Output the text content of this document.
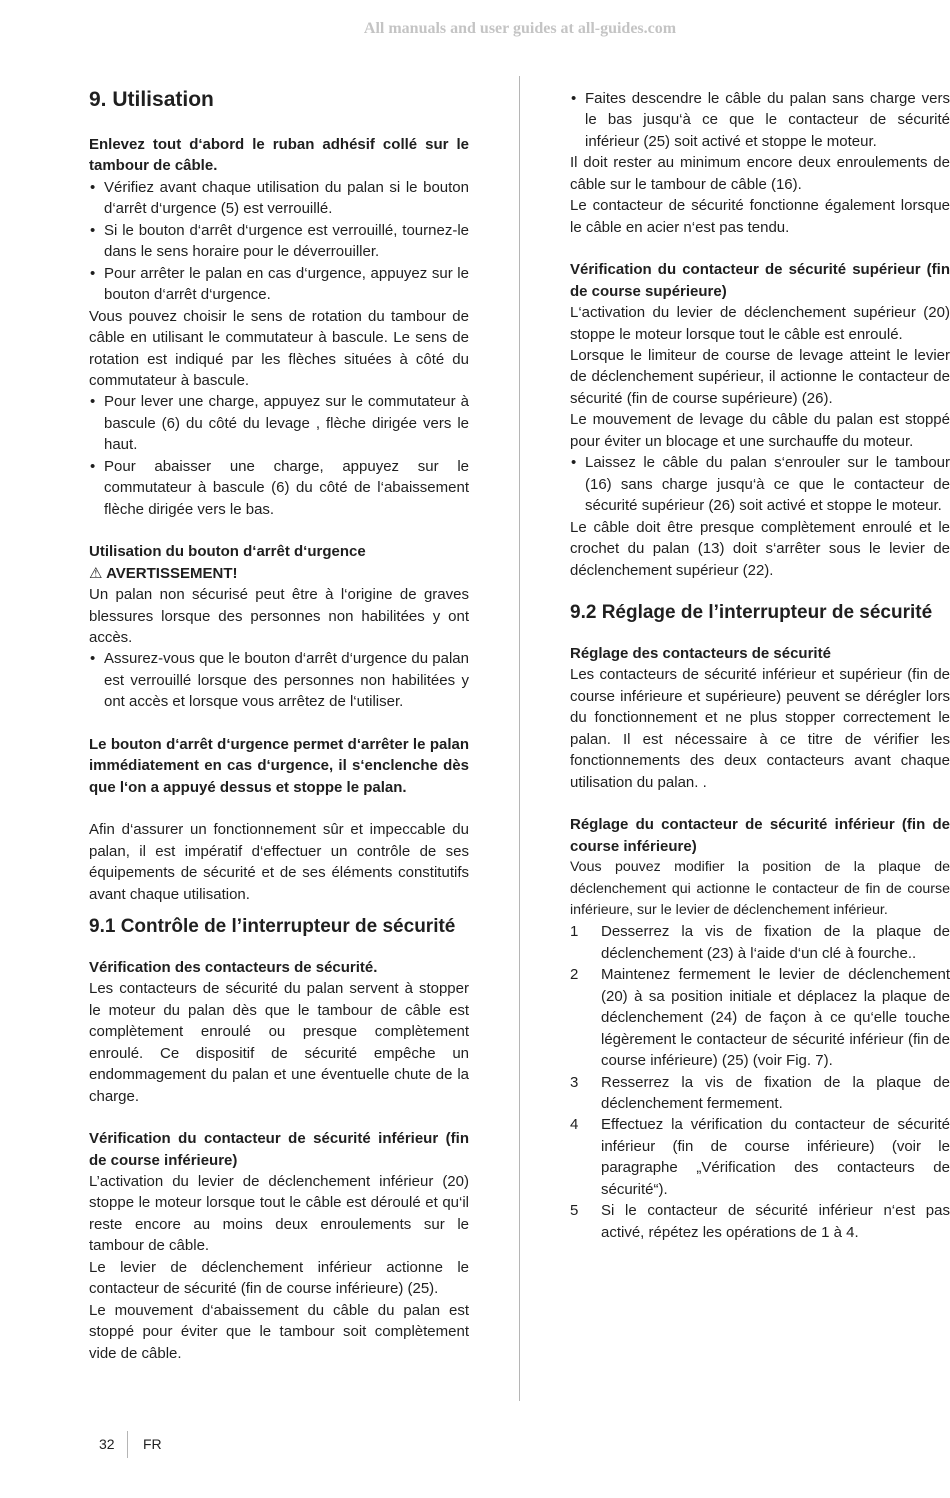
All manuals and user guides at all-guides.com

9. Utilisation

Enlevez tout d‘abord le ruban adhésif collé sur le tambour de câble.

• Vérifiez avant chaque utilisation du palan si le bouton d‘arrêt d‘urgence (5) est verrouillé.
• Si le bouton d‘arrêt d‘urgence est verrouillé, tournez-le dans le sens horaire pour le déverrouiller.
• Pour arrêter le palan en cas d‘urgence, appuyez sur le bouton d‘arrêt d‘urgence.

Vous pouvez choisir le sens de rotation du tambour de câble en utilisant le commutateur à bascule. Le sens de rotation est indiqué par les flèches situées à côté du commutateur à bascule.

• Pour lever une charge, appuyez sur le commutateur à bascule (6) du côté du levage , flèche dirigée vers le haut.
• Pour abaisser une charge, appuyez sur le commutateur à bascule (6) du côté de l‘abaissement flèche dirigée vers le bas.

Utilisation du bouton d‘arrêt d‘urgence

⚠ AVERTISSEMENT!

Un palan non sécurisé peut être à l‘origine de graves blessures lorsque des personnes non habilitées y ont accès.

• Assurez-vous que le bouton d‘arrêt d‘urgence du palan est verrouillé lorsque des personnes non habilitées y ont accès et lorsque vous arrêtez de l‘utiliser.

Le bouton d‘arrêt d‘urgence permet d‘arrêter le palan immédiatement en cas d‘urgence, il s‘enclenche dès que l‘on a appuyé dessus et stoppe le palan.

Afin d‘assurer un fonctionnement sûr et impeccable du palan, il est impératif d‘effectuer un contrôle de ses équipements de sécurité et de ses éléments constitutifs avant chaque utilisation.

9.1 Contrôle de l’interrupteur de sécurité

Vérification des contacteurs de sécurité.

Les contacteurs de sécurité du palan servent à stopper le moteur du palan dès que le tambour de câble est complètement enroulé ou presque complètement enroulé. Ce dispositif de sécurité empêche un endommagement du palan et une éventuelle chute de la charge.

Vérification du contacteur de sécurité inférieur (fin de course inférieure)

L’activation du levier de déclenchement inférieur (20) stoppe le moteur lorsque tout le câble est déroulé et qu‘il reste encore au moins deux enroulements sur le tambour de câble.

Le levier de déclenchement inférieur actionne le contacteur de sécurité (fin de course inférieure) (25).

Le mouvement d‘abaissement du câble du palan est stoppé pour éviter que le tambour soit complètement vide de câble.

• Faites descendre le câble du palan sans charge vers le bas jusqu‘à ce que le contacteur de sécurité inférieur (25) soit activé et stoppe le moteur.

Il doit rester au minimum encore deux enroulements de câble sur le tambour de câble (16).

Le contacteur de sécurité fonctionne également lorsque le câble en acier n‘est pas tendu.

Vérification du contacteur de sécurité supérieur (fin de course supérieure)

L‘activation du levier de déclenchement supérieur (20) stoppe le moteur lorsque tout le câble est enroulé.

Lorsque le limiteur de course de levage atteint le levier de déclenchement supérieur, il actionne le contacteur de sécurité (fin de course supérieure) (26).

Le mouvement de levage du câble du palan est stoppé pour éviter un blocage et une surchauffe du moteur.

• Laissez le câble du palan s‘enrouler sur le tambour (16) sans charge jusqu‘à ce que le contacteur de sécurité supérieur (26) soit activé et stoppe le moteur.

Le câble doit être presque complètement enroulé et le crochet du palan (13) doit s‘arrêter sous le levier de déclenchement supérieur (22).

9.2 Réglage de l’interrupteur de sécurité

Réglage des contacteurs de sécurité

Les contacteurs de sécurité inférieur et supérieur (fin de course inférieure et supérieure) peuvent se dérégler lors du fonctionnement et ne plus stopper correctement le palan. Il est nécessaire à ce titre de vérifier les fonctionnements des deux contacteurs avant chaque utilisation du palan. .

Réglage du contacteur de sécurité inférieur (fin de course inférieure)

Vous pouvez modifier la position de la plaque de déclenchement qui actionne le contacteur de fin de course inférieure, sur le levier de déclenchement inférieur.

1 Desserrez la vis de fixation de la plaque de déclenchement (23) à l‘aide d‘un clé à fourche..
2 Maintenez fermement le levier de déclenchement (20) à sa position initiale et déplacez la plaque de déclenchement (24) de façon à ce qu‘elle touche légèrement le contacteur de sécurité inférieur (fin de course inférieure) (25) (voir Fig. 7).
3 Resserrez la vis de fixation de la plaque de déclenchement fermement.
4 Effectuez la vérification du contacteur de sécurité inférieur (fin de course inférieure) (voir le paragraphe „Vérification des contacteurs de sécurité“).
5 Si le contacteur de sécurité inférieur n‘est pas activé, répétez les opérations de 1 à 4.
32 FR
